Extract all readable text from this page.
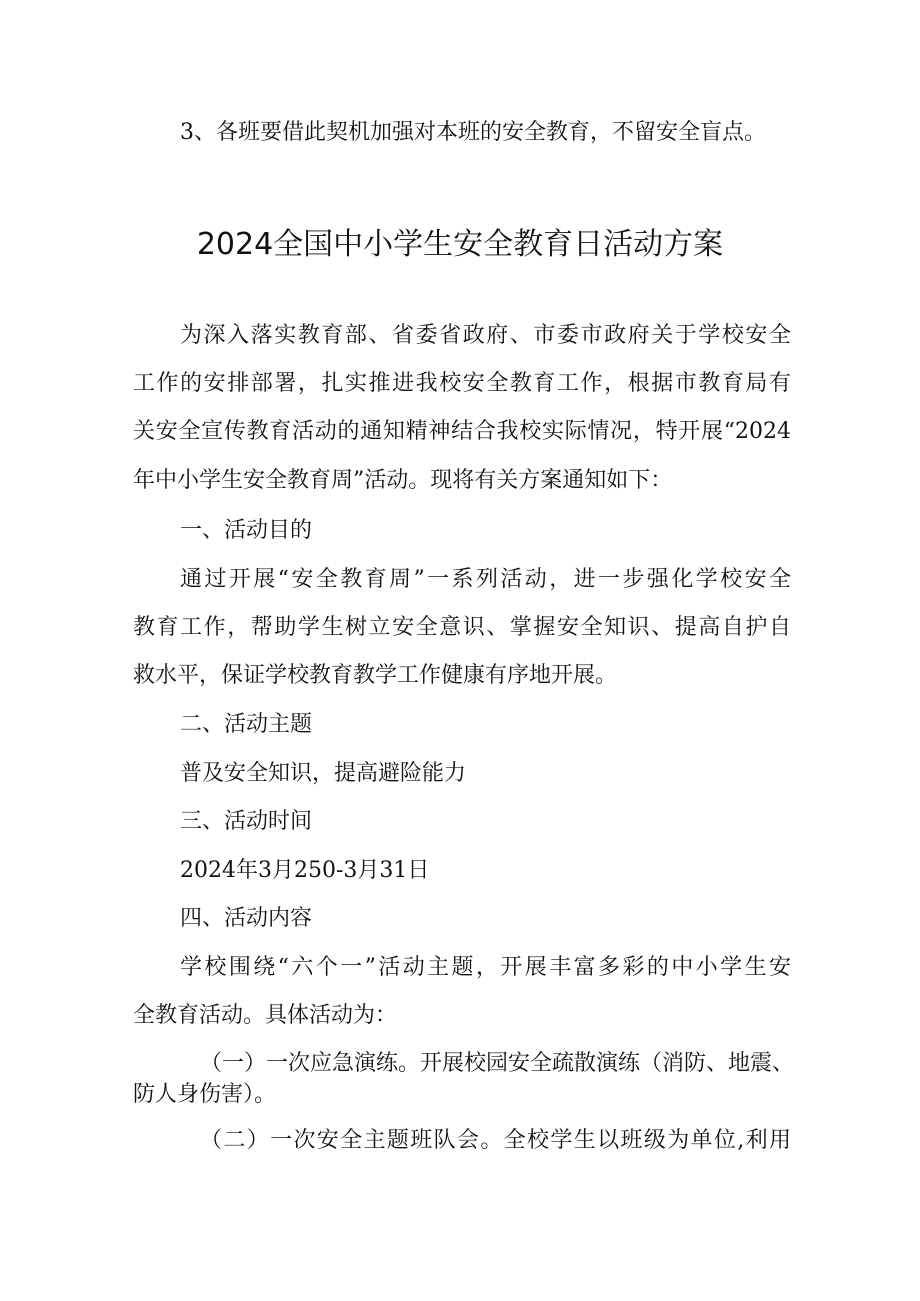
3、各班要借此契机加强对本班的安全教育，不留安全盲点。
2024全国中小学生安全教育日活动方案
为深入落实教育部、省委省政府、市委市政府关于学校安全
工作的安排部署，扎实推进我校安全教育工作，根据市教育局有
关安全宣传教育活动的通知精神结合我校实际情况，特开展“2024
年中小学生安全教育周”活动。现将有关方案通知如下：
一、活动目的
通过开展“安全教育周”一系列活动，进一步强化学校安全
教育工作，帮助学生树立安全意识、掌握安全知识、提高自护自
救水平，保证学校教育教学工作健康有序地开展。
二、活动主题
普及安全知识，提高避险能力
三、活动时间
2024年3月250-3月31日
四、活动内容
学校围绕“六个一”活动主题，开展丰富多彩的中小学生安
全教育活动。具体活动为：
（一）一次应急演练。开展校园安全疏散演练（消防、地震、
防人身伤害）。
（二）一次安全主题班队会。全校学生以班级为单位,利用
